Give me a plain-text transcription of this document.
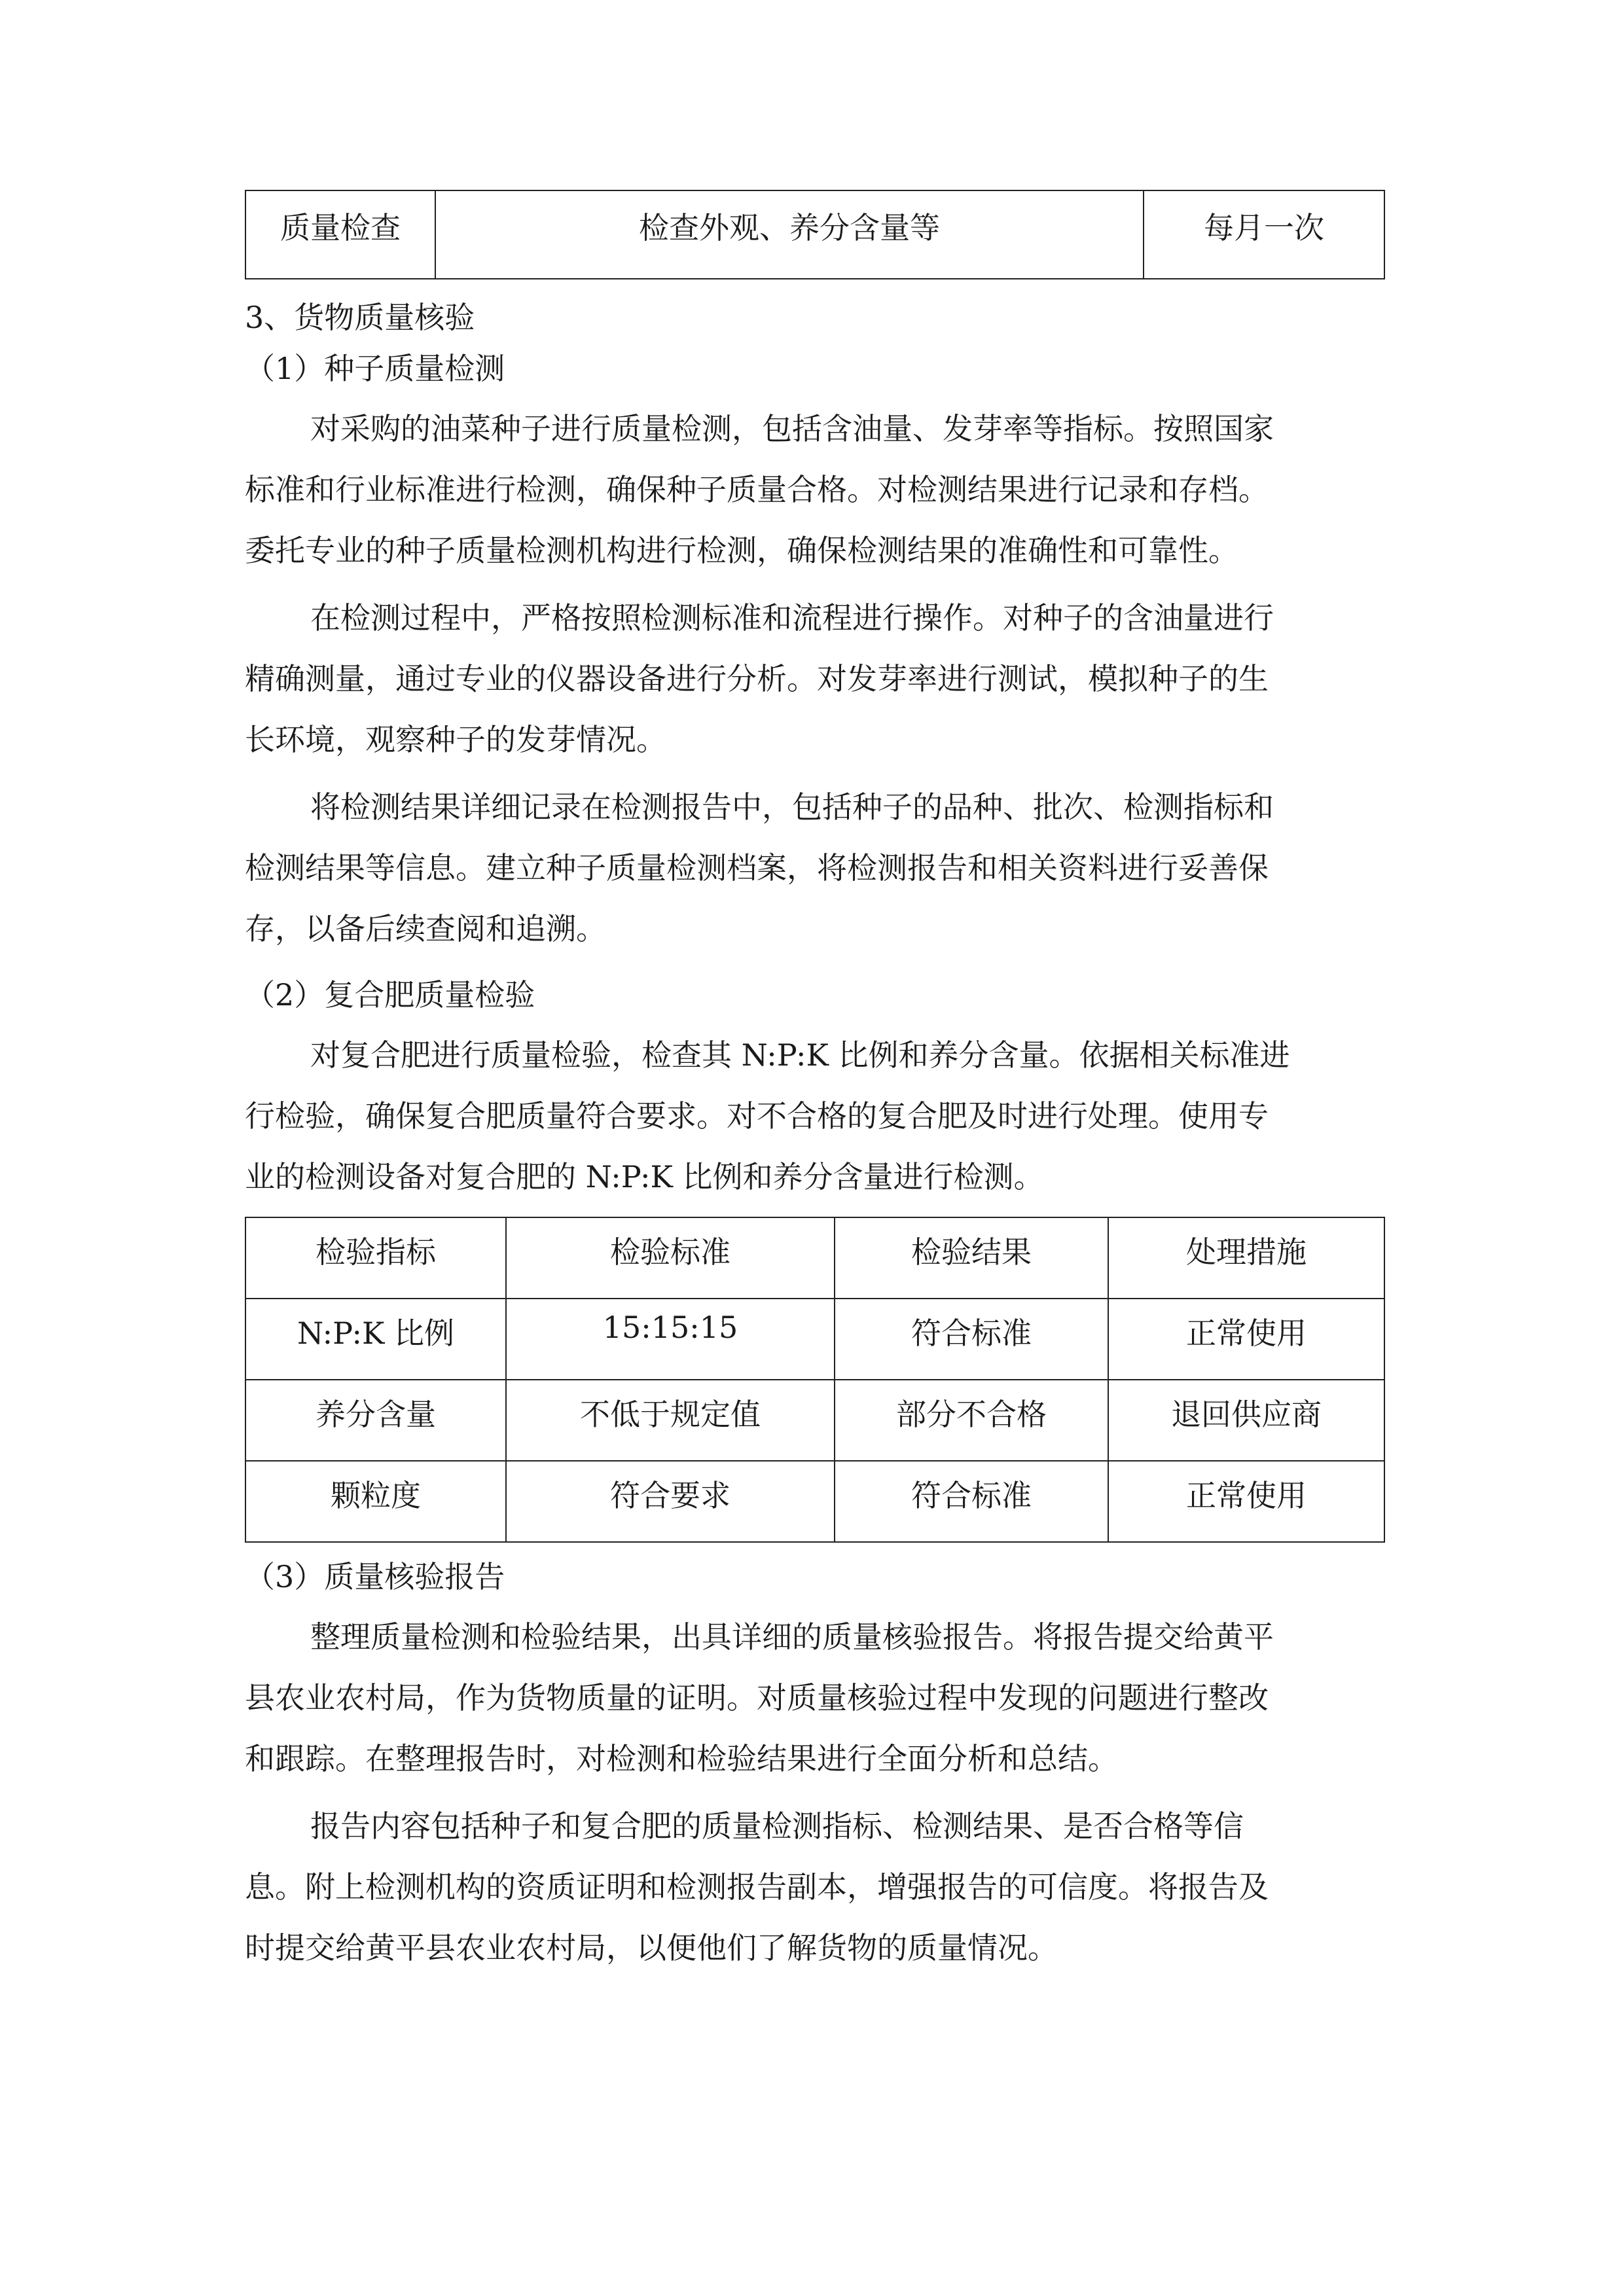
质量检查	检查外观、养分含量等	每月一次
3、货物质量核验
（1）种子质量检测

对采购的油菜种子进行质量检测，包括含油量、发芽率等指标。按照国家
标准和行业标准进行检测，确保种子质量合格。对检测结果进行记录和存档。
委托专业的种子质量检测机构进行检测，确保检测结果的准确性和可靠性。

在检测过程中，严格按照检测标准和流程进行操作。对种子的含油量进行
精确测量，通过专业的仪器设备进行分析。对发芽率进行测试，模拟种子的生
长环境，观察种子的发芽情况。

将检测结果详细记录在检测报告中，包括种子的品种、批次、检测指标和
检测结果等信息。建立种子质量检测档案，将检测报告和相关资料进行妥善保
存，以备后续查阅和追溯。

（2）复合肥质量检验

对复合肥进行质量检验，检查其 N:P:K 比例和养分含量。依据相关标准进
行检验，确保复合肥质量符合要求。对不合格的复合肥及时进行处理。使用专
业的检测设备对复合肥的 N:P:K 比例和养分含量进行检测。

检验指标	检验标准	检验结果	处理措施
N:P:K 比例	15:15:15	符合标准	正常使用
养分含量	不低于规定值	部分不合格	退回供应商
颗粒度	符合要求	符合标准	正常使用
（3）质量核验报告

整理质量检测和检验结果，出具详细的质量核验报告。将报告提交给黄平
县农业农村局，作为货物质量的证明。对质量核验过程中发现的问题进行整改
和跟踪。在整理报告时，对检测和检验结果进行全面分析和总结。

报告内容包括种子和复合肥的质量检测指标、检测结果、是否合格等信
息。附上检测机构的资质证明和检测报告副本，增强报告的可信度。将报告及
时提交给黄平县农业农村局，以便他们了解货物的质量情况。
